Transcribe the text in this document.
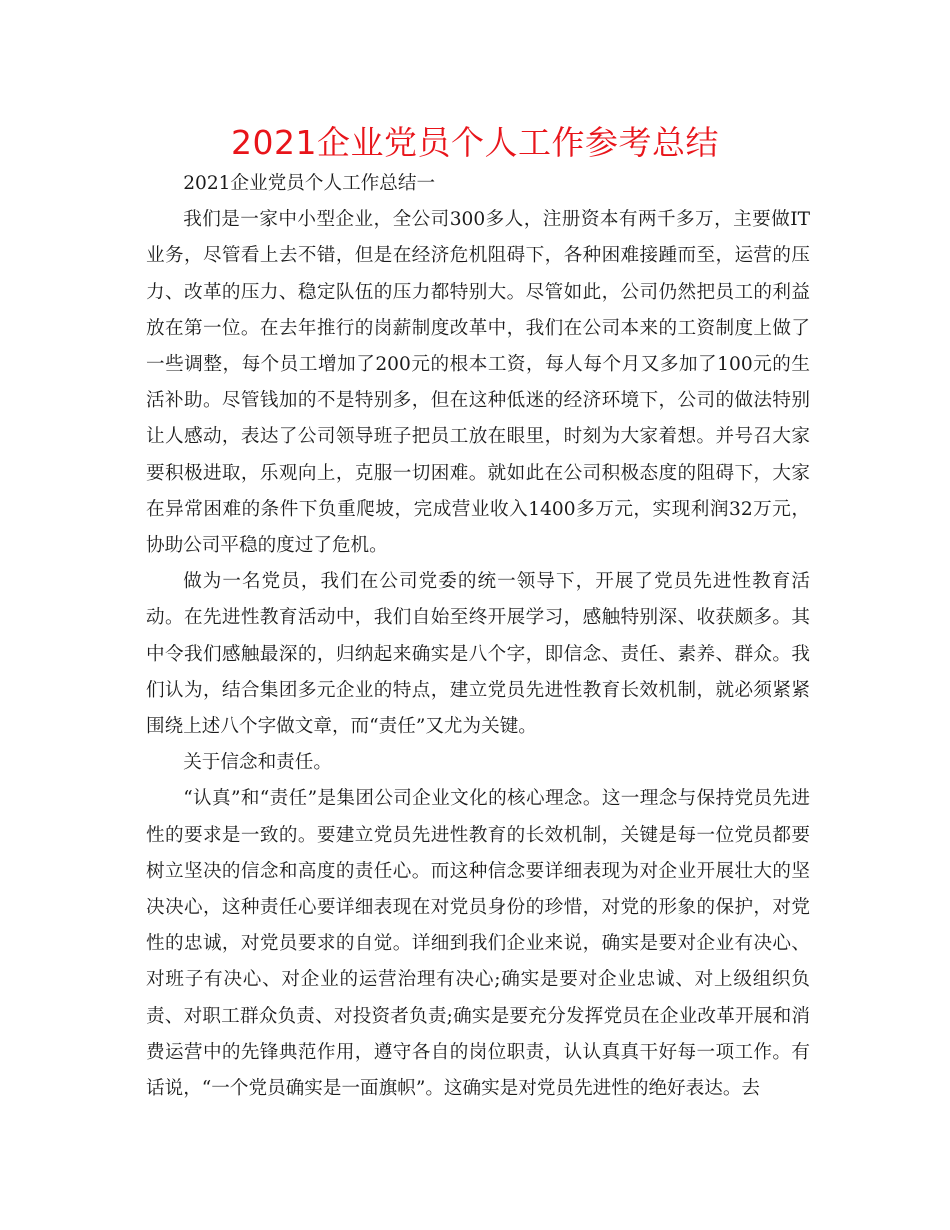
2021企业党员个人工作参考总结

2021企业党员个人工作总结一

我们是一家中小型企业，全公司300多人，注册资本有两千多万，主要做IT业务，尽管看上去不错，但是在经济危机阻碍下，各种困难接踵而至，运营的压力、改革的压力、稳定队伍的压力都特别大。尽管如此，公司仍然把员工的利益放在第一位。在去年推行的岗薪制度改革中，我们在公司本来的工资制度上做了一些调整，每个员工增加了200元的根本工资，每人每个月又多加了100元的生活补助。尽管钱加的不是特别多，但在这种低迷的经济环境下，公司的做法特别让人感动，表达了公司领导班子把员工放在眼里，时刻为大家着想。并号召大家要积极进取，乐观向上，克服一切困难。就如此在公司积极态度的阻碍下，大家在异常困难的条件下负重爬坡，完成营业收入1400多万元，实现利润32万元，协助公司平稳的度过了危机。

做为一名党员，我们在公司党委的统一领导下，开展了党员先进性教育活动。在先进性教育活动中，我们自始至终开展学习，感触特别深、收获颇多。其中令我们感触最深的，归纳起来确实是八个字，即信念、责任、素养、群众。我们认为，结合集团多元企业的特点，建立党员先进性教育长效机制，就必须紧紧围绕上述八个字做文章，而“责任”又尤为关键。

关于信念和责任。

“认真”和“责任”是集团公司企业文化的核心理念。这一理念与保持党员先进性的要求是一致的。要建立党员先进性教育的长效机制，关键是每一位党员都要树立坚决的信念和高度的责任心。而这种信念要详细表现为对企业开展壮大的坚决决心，这种责任心要详细表现在对党员身份的珍惜，对党的形象的保护，对党性的忠诚，对党员要求的自觉。详细到我们企业来说，确实是要对企业有决心、对班子有决心、对企业的运营治理有决心;确实是要对企业忠诚、对上级组织负责、对职工群众负责、对投资者负责;确实是要充分发挥党员在企业改革开展和消费运营中的先锋典范作用，遵守各自的岗位职责，认认真真干好每一项工作。有话说，“一个党员确实是一面旗帜”。这确实是对党员先进性的绝好表达。去
